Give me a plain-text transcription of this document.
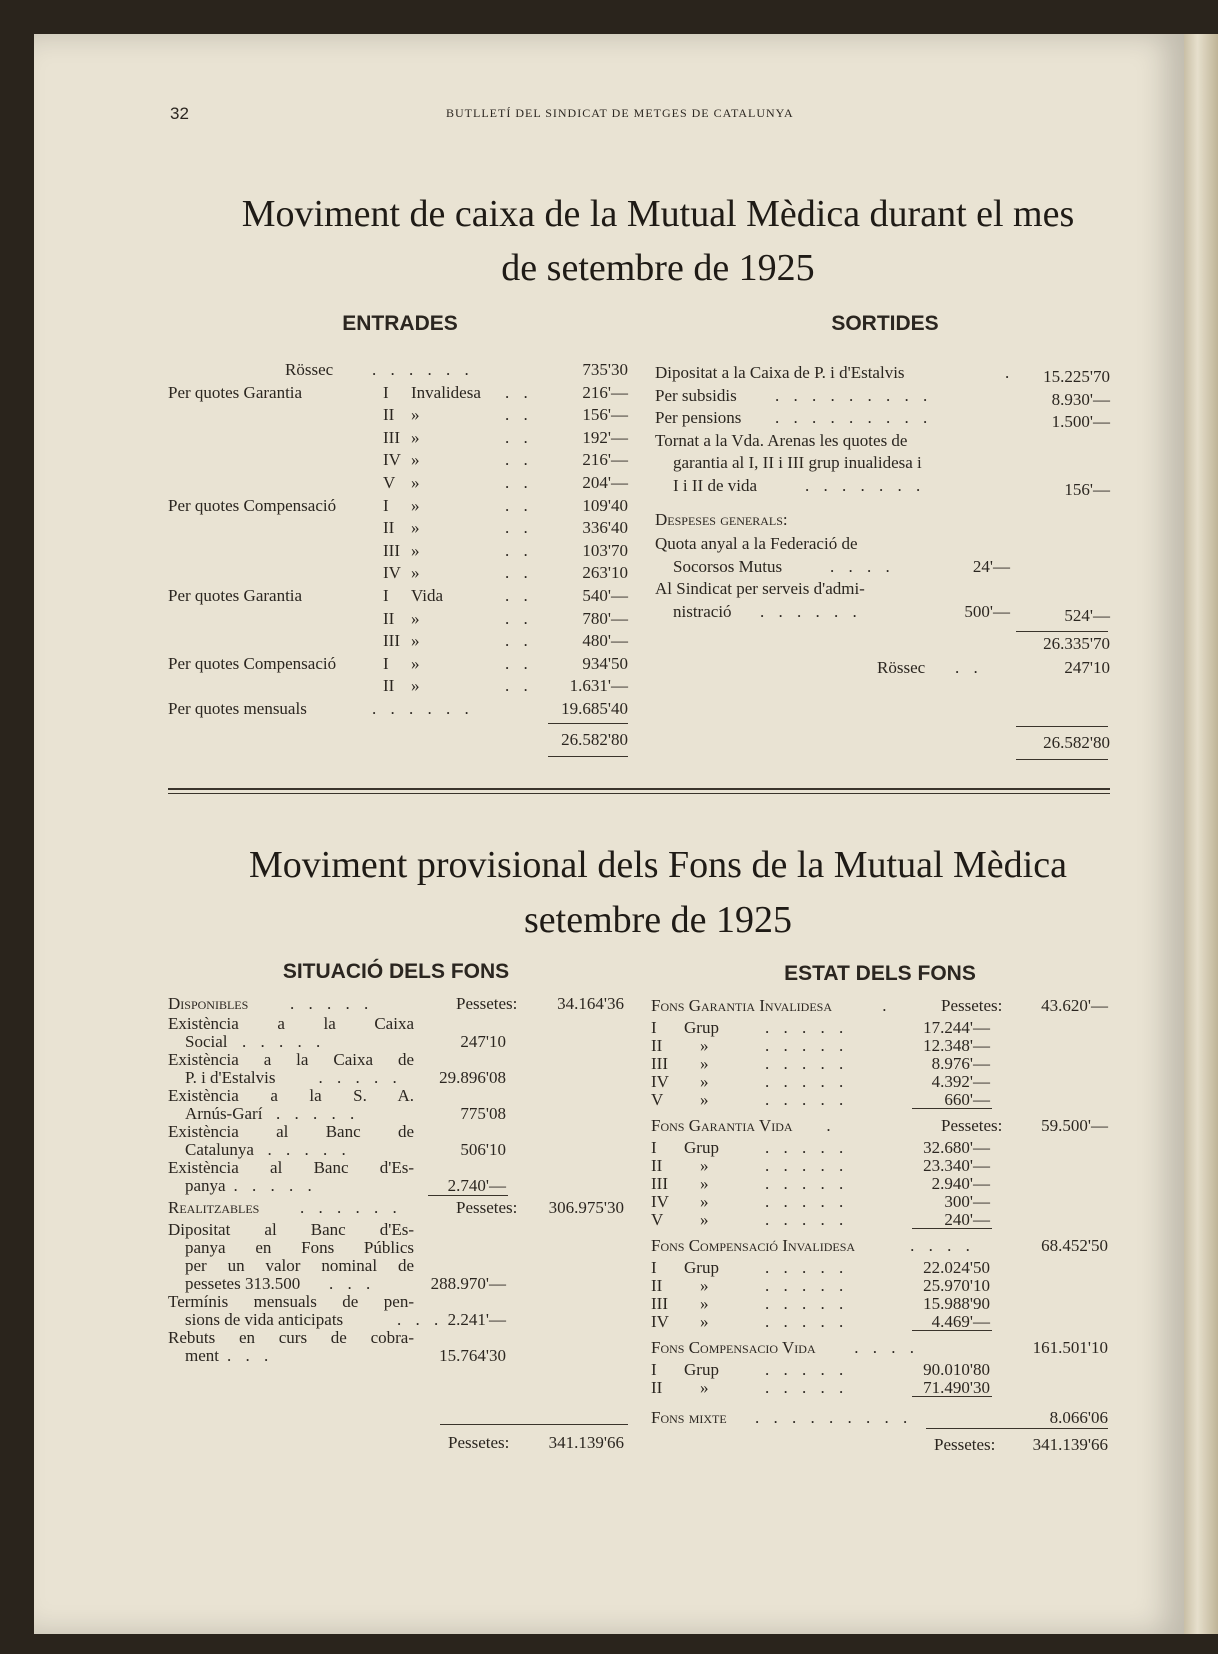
32	BUTLLETÍ DEL SINDICAT DE METGES DE CATALUNYA
Moviment de caixa de la Mutual Mèdica durant el mes
de setembre de 1925
ENTRADES	SORTIDES
Rössec . . . . . .	735'30
Per quotes Garantia	I Invalidesa . .	216'—
II »	. .	156'—
III »	. .	192'—
IV »	. .	216'—
V »	. .	204'—
Per quotes Compensació	I »	. .	109'40
II »	. .	336'40
III »	. .	103'70
IV »	. .	263'10
Per quotes Garantia	I Vida	. .	540'—
II »	. .	780'—
III »	. .	480'—
Per quotes Compensació	I »	. .	934'50
II »	. .	1.631'—
Per quotes mensuals	. . . . . .	19.685'40
26.582'80
Dipositat a la Caixa de P. i d'Estalvis	.	15.225'70
Per subsidis . . . . . . . . .	8.930'—
Per pensions . . . . . . . . .	1.500'—
Tornat a la Vda. Arenas les quotes de
garantia al I, II i III grup inualidesa i
I i II de vida	. . . . . . .	156'—
Despeses generals:
Quota anyal a la Federació de
Socorsos Mutus	. . . .	24'—
Al Sindicat per serveis d'admi-
nistració . . . . . .	500'—	524'—
26.335'70
Rössec . .	247'10
26.582'80
Moviment provisional dels Fons de la Mutual Mèdica
setembre de 1925
SITUACIÓ DELS FONS	ESTAT DELS FONS
Disponibles . . . . .	Pessetes:	34.164'36
Existència a la Caixa
Social . . . . .	247'10
Existència a la Caixa de
P. i d'Estalvis	. . . . .	29.896'08
Existència a la S. A.
Arnús-Garí . . . . .	775'08
Existència al Banc de
Catalunya . . . . .	506'10
Existència al Banc d'Es-
panya . . . . .	2.740'—
Realitzables . . . . . .	Pessetes:	306.975'30
Dipositat al Banc d'Es-
panya en Fons Públics
per un valor nominal de
pessetes 313.500 . . .	288.970'—
Termínis mensuals de pen-
sions de vida anticipats	. . . 2.241'—
Rebuts en curs de cobra-
ment . . .	15.764'30
Fons Garantia Invalidesa	.	Pessetes:	43.620'—
I Grup	. . . . .	17.244'—
II »	. . . . .	12.348'—
III »	. . . . .	8.976'—
IV »	. . . . .	4.392'—
V »	. . . . .	660'—
Fons Garantia Vida .	Pessetes:	59.500'—
I Grup	. . . . .	32.680'—
II »	. . . . .	23.340'—
III »	. . . . .	2.940'—
IV »	. . . . .	300'—
V »	. . . . .	240'—
Fons Compensació Invalidesa	. . . .	68.452'50
I Grup	. . . . .	22.024'50
II »	. . . . .	25.970'10
III »	. . . . .	15.988'90
IV »	. . . . .	4.469'—
Fons Compensacio Vida . . . .	161.501'10
I Grup	. . . . .	90.010'80
II »	. . . . .	71.490'30
Fons mixte . . . . . . . . .	8.066'06
Pessetes:	341.139'66	Pessetes:	341.139'66
